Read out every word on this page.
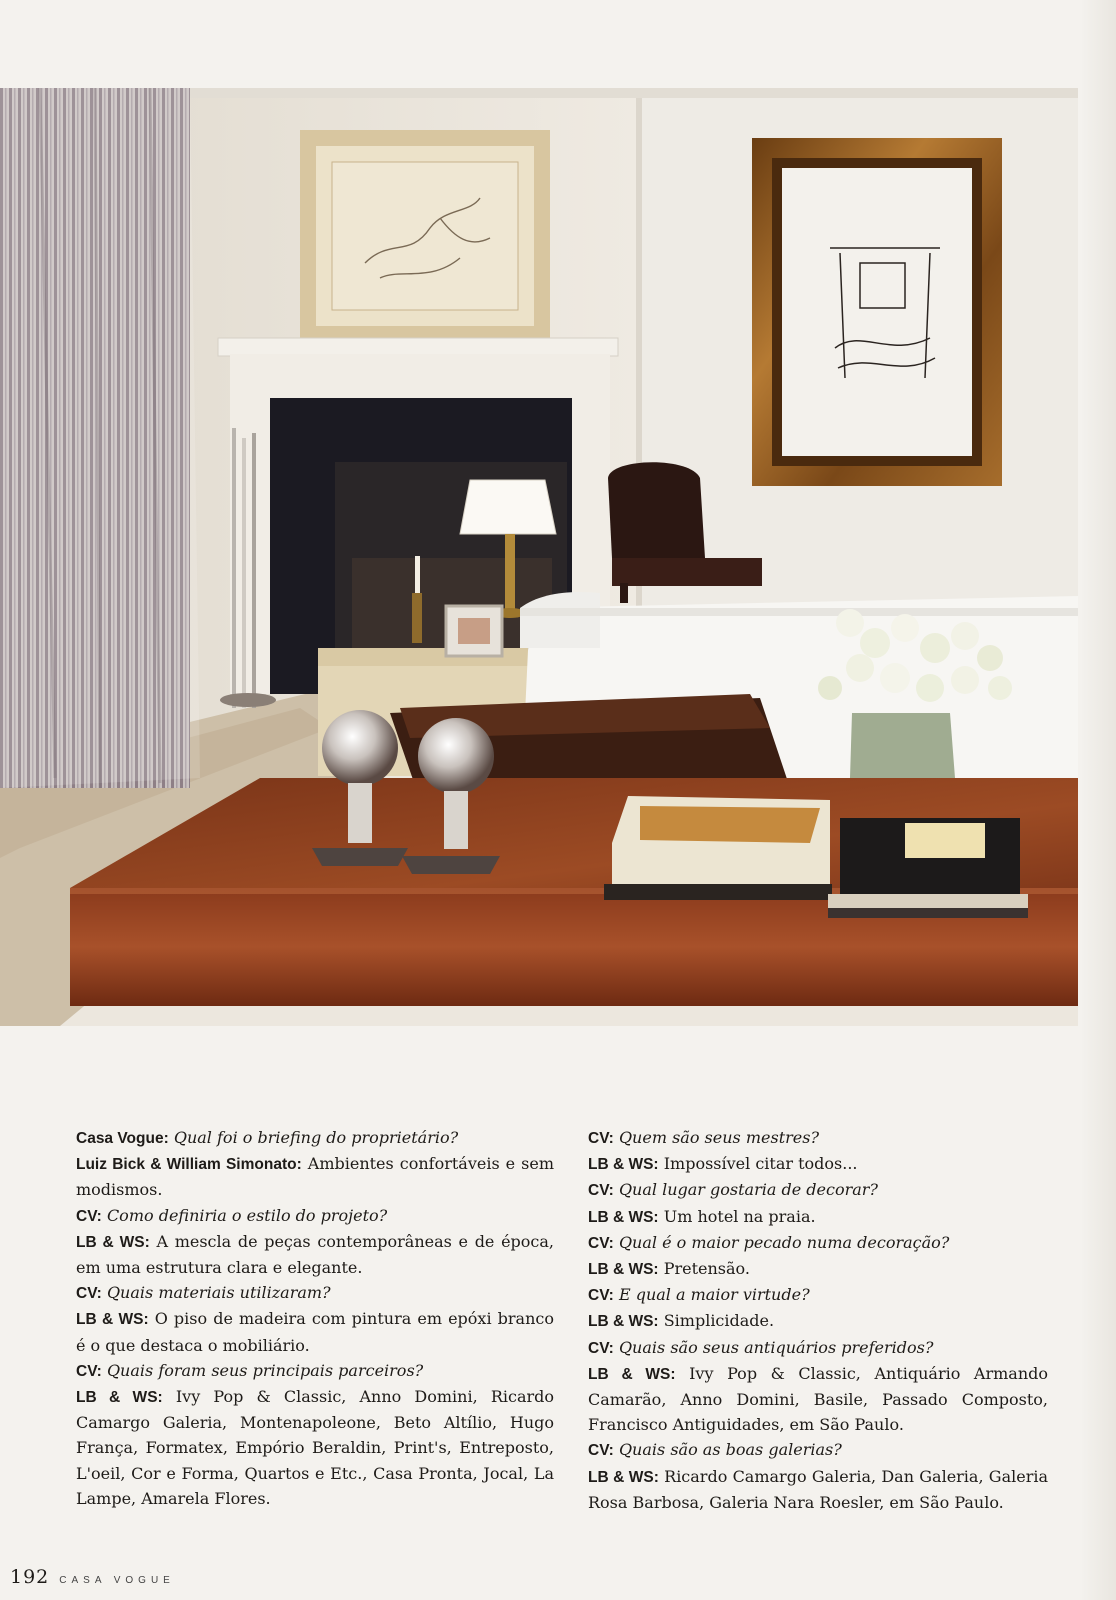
Casa Vogue: Qual foi o briefing do proprietário?

Luiz Bick & William Simonato: Ambientes confortáveis e sem modismos.

CV: Como definiria o estilo do projeto?

LB & WS: A mescla de peças contemporâneas e de época, em uma estrutura clara e elegante.

CV: Quais materiais utilizaram?

LB & WS: O piso de madeira com pintura em epóxi branco é o que destaca o mobiliário.

CV: Quais foram seus principais parceiros?

LB & WS: Ivy Pop & Classic, Anno Domini, Ricardo Camargo Galeria, Montenapoleone, Beto Altílio, Hugo França, Formatex, Empório Beraldin, Print's, Entreposto, L'oeil, Cor e Forma, Quartos e Etc., Casa Pronta, Jocal, La Lampe, Amarela Flores.

CV: Quem são seus mestres?

LB & WS: Impossível citar todos...

CV: Qual lugar gostaria de decorar?

LB & WS: Um hotel na praia.

CV: Qual é o maior pecado numa decoração?

LB & WS: Pretensão.

CV: E qual a maior virtude?

LB & WS: Simplicidade.

CV: Quais são seus antiquários preferidos?

LB & WS: Ivy Pop & Classic, Antiquário Armando Camarão, Anno Domini, Basile, Passado Composto, Francisco Antiguidades, em São Paulo.

CV: Quais são as boas galerias?

LB & WS: Ricardo Camargo Galeria, Dan Galeria, Galeria Rosa Barbosa, Galeria Nara Roesler, em São Paulo.

192 CASA VOGUE
